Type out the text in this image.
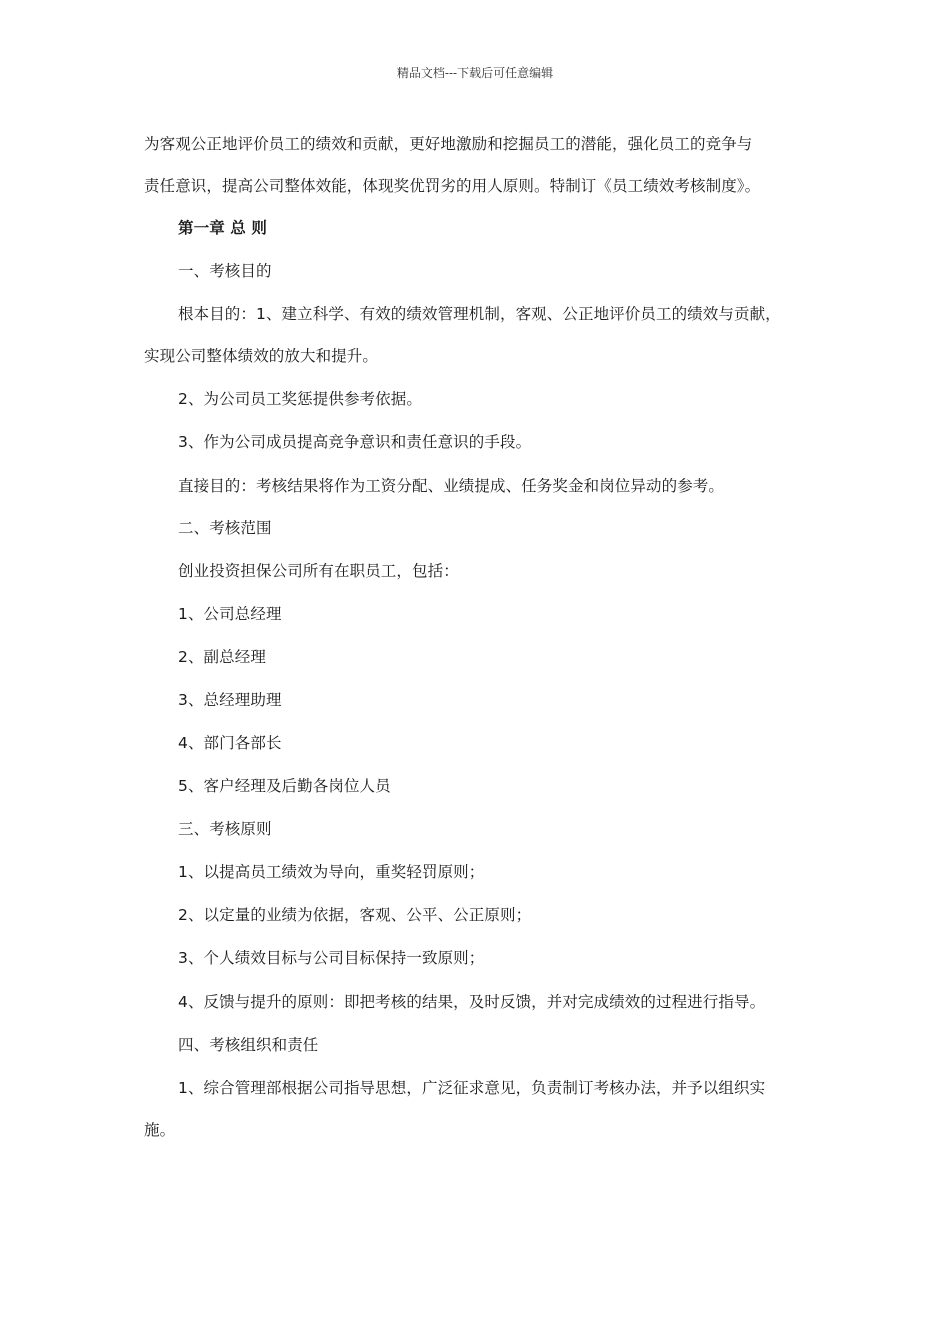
精品文档---下载后可任意编辑
为客观公正地评价员工的绩效和贡献，更好地激励和挖掘员工的潜能，强化员工的竞争与
责任意识，提高公司整体效能，体现奖优罚劣的用人原则。特制订《员工绩效考核制度》。
第一章 总 则
一、考核目的
根本目的：1、建立科学、有效的绩效管理机制，客观、公正地评价员工的绩效与贡献，
实现公司整体绩效的放大和提升。
2、为公司员工奖惩提供参考依据。
3、作为公司成员提高竞争意识和责任意识的手段。
直接目的：考核结果将作为工资分配、业绩提成、任务奖金和岗位异动的参考。
二、考核范围
创业投资担保公司所有在职员工，包括：
1、公司总经理
2、副总经理
3、总经理助理
4、部门各部长
5、客户经理及后勤各岗位人员
三、考核原则
1、以提高员工绩效为导向，重奖轻罚原则；
2、以定量的业绩为依据，客观、公平、公正原则；
3、个人绩效目标与公司目标保持一致原则；
4、反馈与提升的原则：即把考核的结果，及时反馈，并对完成绩效的过程进行指导。
四、考核组织和责任
1、综合管理部根据公司指导思想，广泛征求意见，负责制订考核办法，并予以组织实
施。
